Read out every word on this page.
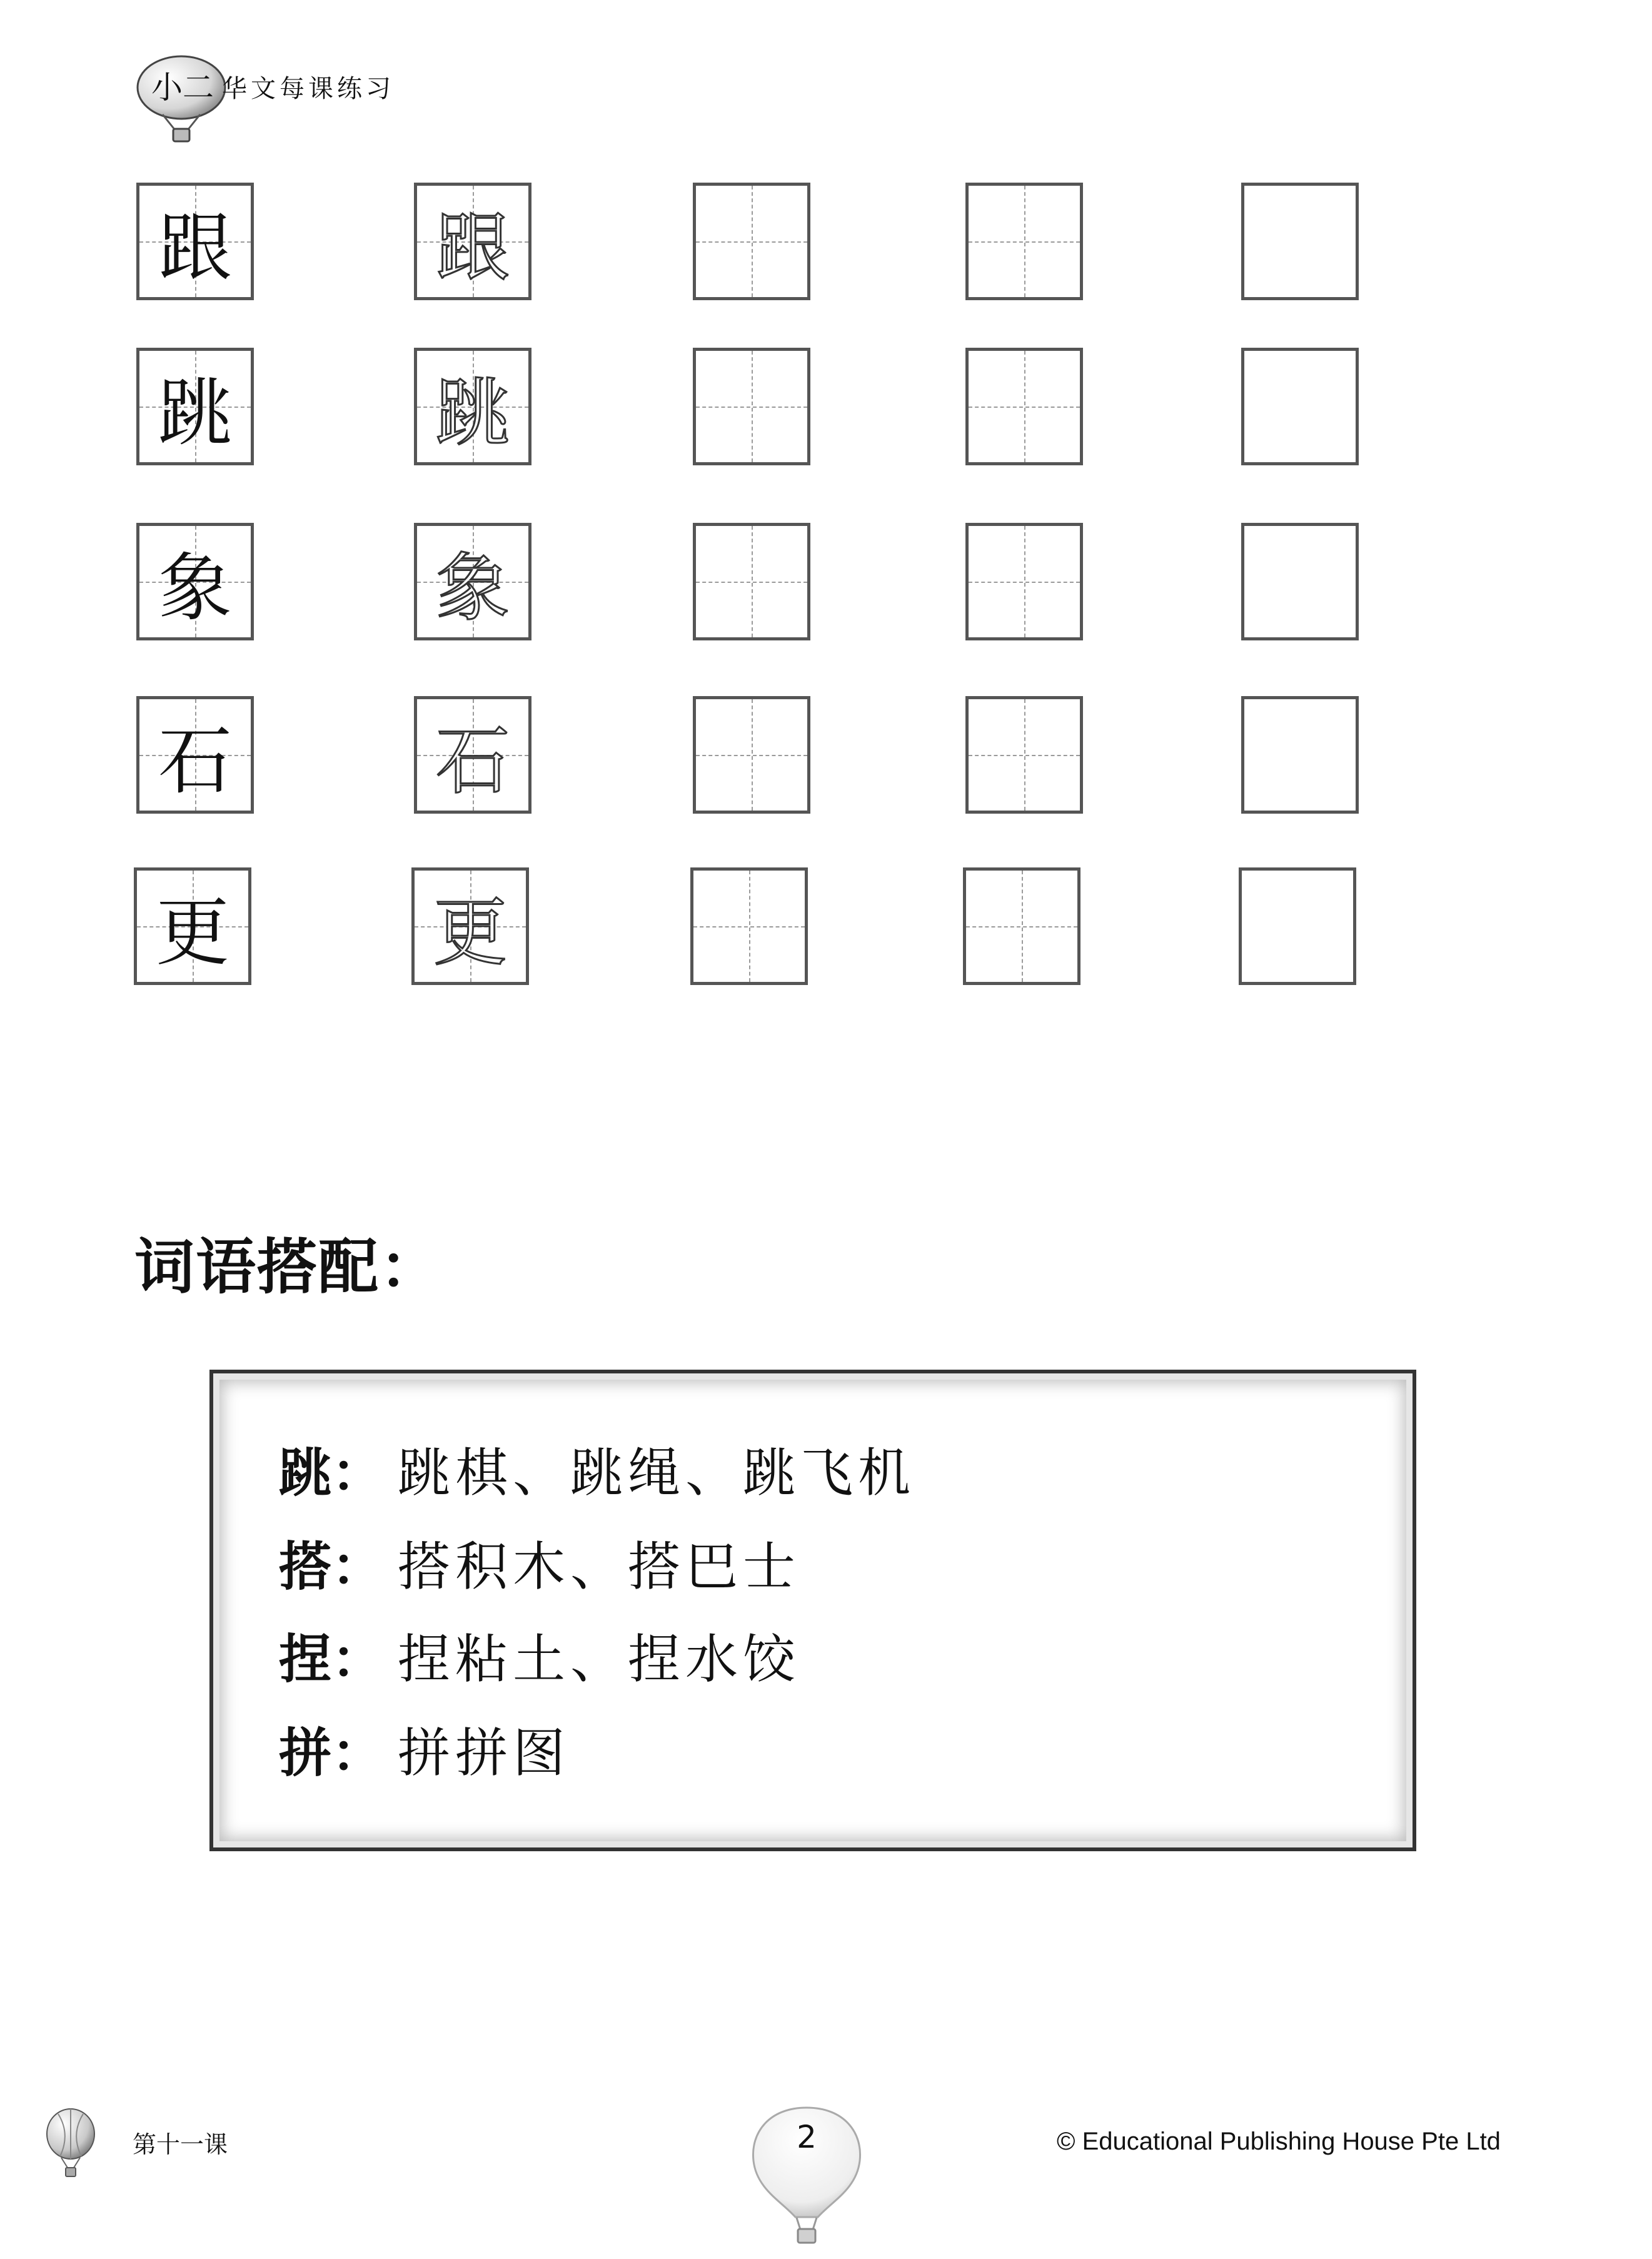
小二 华文每课练习
跟	跟
跳	跳
象	象
石	石
更	更
词语搭配：
跳： 跳棋、跳绳、跳飞机
搭： 搭积木、搭巴士
捏： 捏粘土、捏水饺
拼： 拼拼图
第十一课	2	© Educational Publishing House Pte Ltd
